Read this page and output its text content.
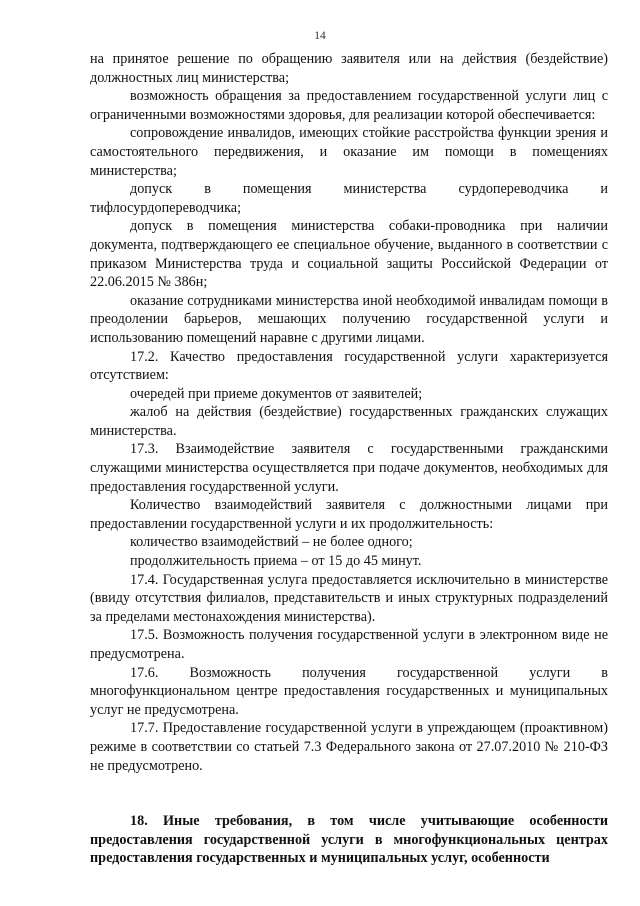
14

на принятое решение по обращению заявителя или на действия (бездействие) должностных лиц министерства;

возможность обращения за предоставлением государственной услуги лиц с ограниченными возможностями здоровья, для реализации которой обеспечивается:

сопровождение инвалидов, имеющих стойкие расстройства функции зрения и самостоятельного передвижения, и оказание им помощи в помещениях министерства;

допуск в помещения министерства сурдопереводчика и тифлосурдопереводчика;

допуск в помещения министерства собаки-проводника при наличии документа, подтверждающего ее специальное обучение, выданного в соответствии с приказом Министерства труда и социальной защиты Российской Федерации от 22.06.2015 № 386н;

оказание сотрудниками министерства иной необходимой инвалидам помощи в преодолении барьеров, мешающих получению государственной услуги и использованию помещений наравне с другими лицами.

17.2. Качество предоставления государственной услуги характеризуется отсутствием:

очередей при приеме документов от заявителей;

жалоб на действия (бездействие) государственных гражданских служащих министерства.

17.3. Взаимодействие заявителя с государственными гражданскими служащими министерства осуществляется при подаче документов, необходимых для предоставления государственной услуги.

Количество взаимодействий заявителя с должностными лицами при предоставлении государственной услуги и их продолжительность:

количество взаимодействий – не более одного;

продолжительность приема – от 15 до 45 минут.

17.4. Государственная услуга предоставляется исключительно в министерстве (ввиду отсутствия филиалов, представительств и иных структурных подразделений за пределами местонахождения министерства).

17.5. Возможность получения государственной услуги в электронном виде не предусмотрена.

17.6. Возможность получения государственной услуги в многофункциональном центре предоставления государственных и муниципальных услуг не предусмотрена.

17.7. Предоставление государственной услуги в упреждающем (проактивном) режиме в соответствии со статьей 7.3 Федерального закона от 27.07.2010 № 210-ФЗ не предусмотрено.

18. Иные требования, в том числе учитывающие особенности предоставления государственной услуги в многофункциональных центрах предоставления государственных и муниципальных услуг, особенности
